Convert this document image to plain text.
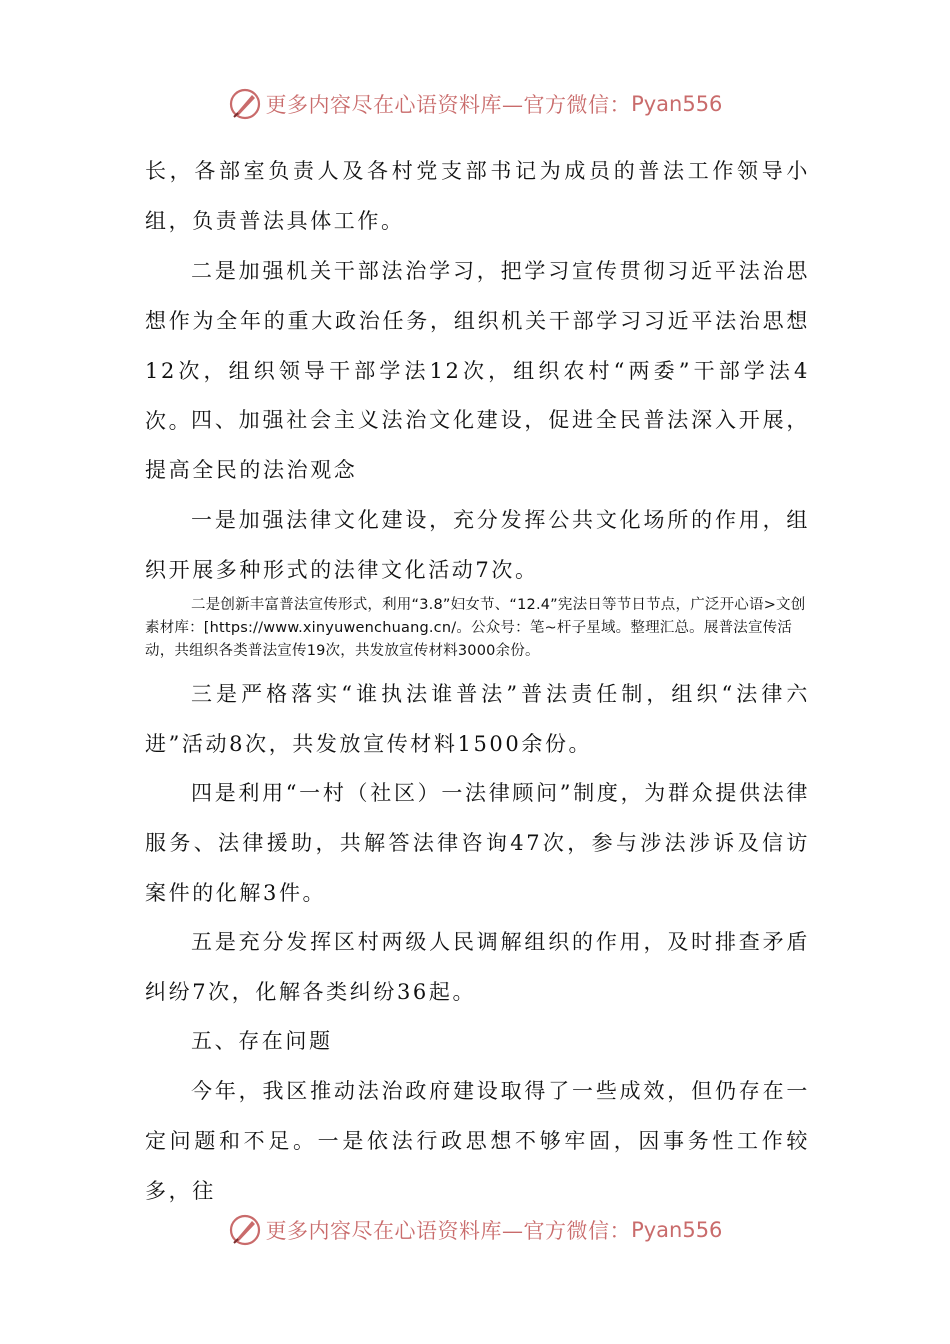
更多内容尽在心语资料库—官方微信： Pyan556
长，各部室负责人及各村党支部书记为成员的普法工作领导小组，负责普法具体工作。
二是加强机关干部法治学习，把学习宣传贯彻习近平法治思想作为全年的重大政治任务，组织机关干部学习习近平法治思想12次，组织领导干部学法12次，组织农村“两委”干部学法4次。
四、加强社会主义法治文化建设，促进全民普法深入开展，提高全民的法治观念
一是加强法律文化建设，充分发挥公共文化场所的作用，组织开展多种形式的法律文化活动7次。
二是创新丰富普法宣传形式，利用“3.8”妇女节、“12.4”宪法日等节日节点，广泛开心语>文创素材库：[https://www.xinyuwenchuang.cn/。公众号：笔~杆子星域。整理汇总。展普法宣传活动，共组织各类普法宣传19次，共发放宣传材料3000余份。
三是严格落实“谁执法谁普法”普法责任制，组织“法律六进”活动8次，共发放宣传材料1500余份。
四是利用“一村（社区）一法律顾问”制度，为群众提供法律服务、法律援助，共解答法律咨询47次，参与涉法涉诉及信访案件的化解3件。
五是充分发挥区村两级人民调解组织的作用，及时排查矛盾纠纷7次，化解各类纠纷36起。
五、存在问题
今年，我区推动法治政府建设取得了一些成效，但仍存在一定问题和不足。一是依法行政思想不够牢固，因事务性工作较多，往
更多内容尽在心语资料库—官方微信： Pyan556
